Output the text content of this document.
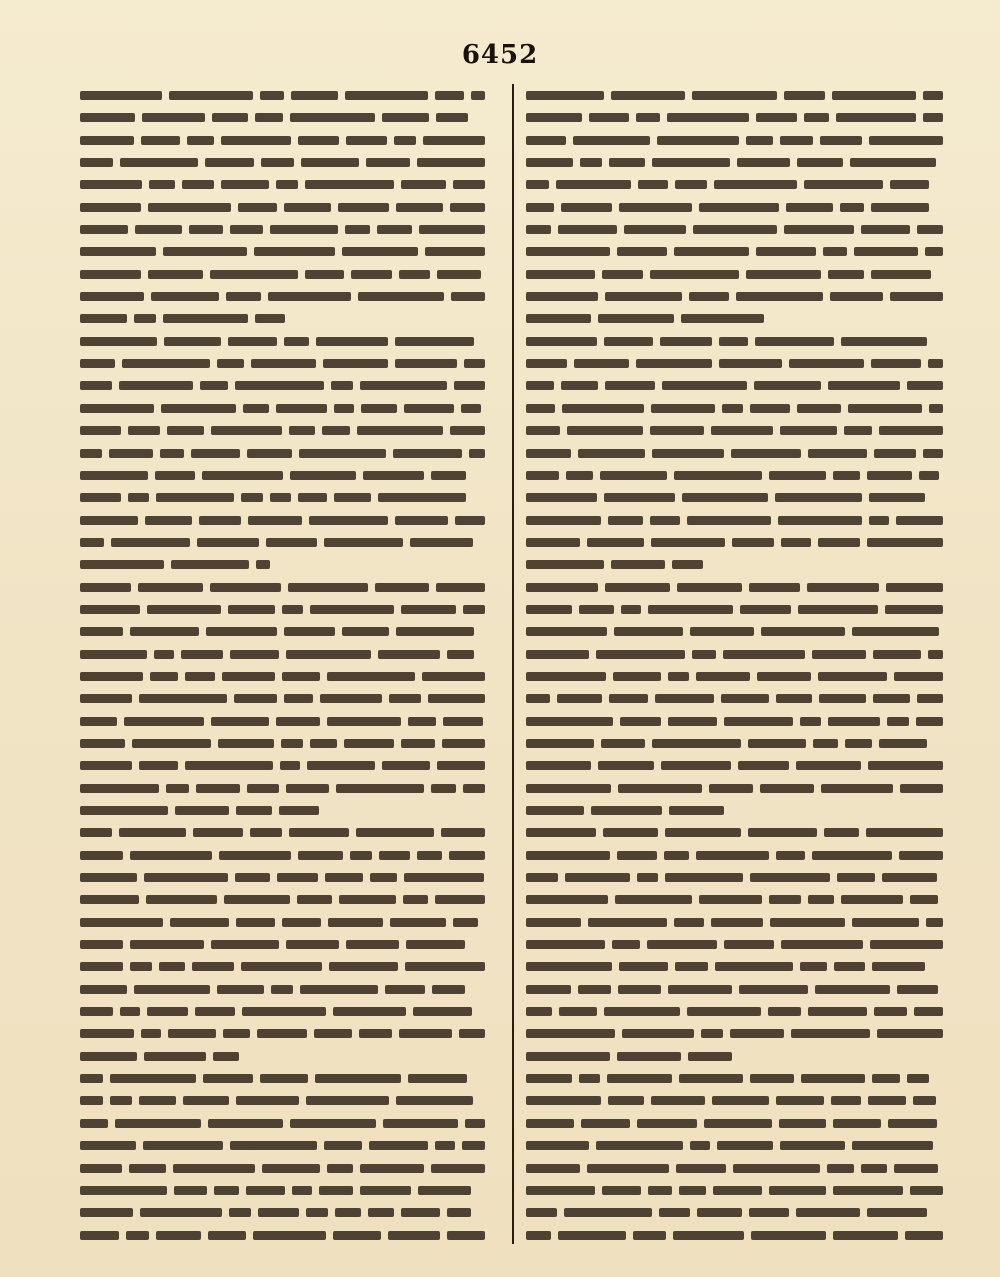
6452
